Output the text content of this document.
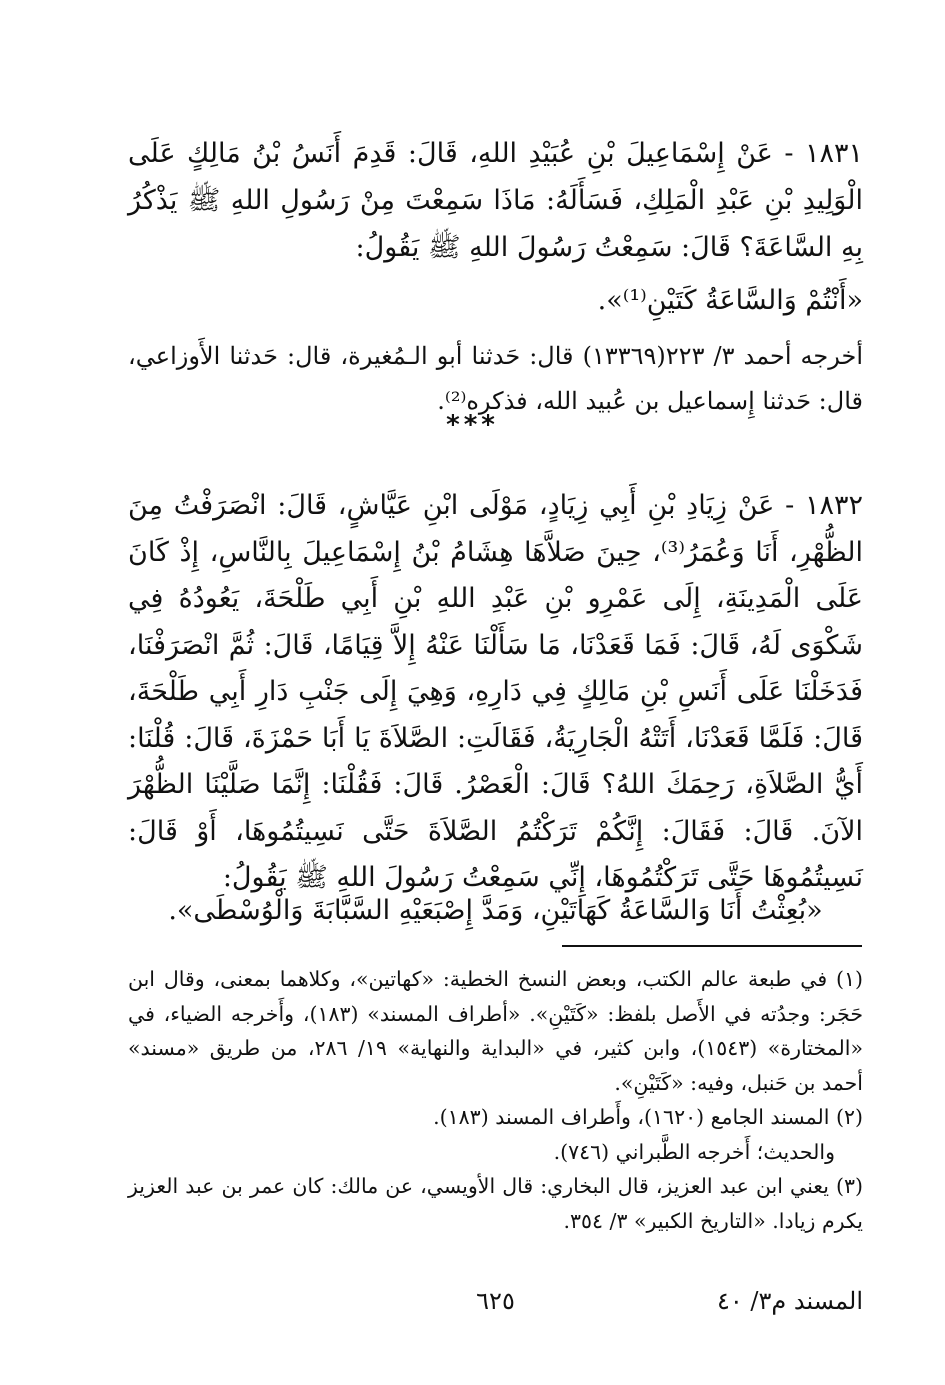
١٨٣١ - عَنْ إِسْمَاعِيلَ بْنِ عُبَيْدِ اللهِ، قَالَ: قَدِمَ أَنَسُ بْنُ مَالِكٍ عَلَى الْوَلِيدِ بْنِ عَبْدِ الْمَلِكِ، فَسَأَلَهُ: مَاذَا سَمِعْتَ مِنْ رَسُولِ اللهِ ﷺ يَذْكُرُ بِهِ السَّاعَةَ؟ قَالَ: سَمِعْتُ رَسُولَ اللهِ ﷺ يَقُولُ:

«أَنْتُمْ وَالسَّاعَةُ كَتَيْنِ⁽¹⁾».

أخرجه أحمد ٣/ ٢٢٣(١٣٣٦٩) قال: حَدثنا أبو الـمُغيرة، قال: حَدثنا الأَوزاعي، قال: حَدثنا إِسماعيل بن عُبيد الله، فذكره⁽²⁾.

***

١٨٣٢ - عَنْ زِيَادِ بْنِ أَبِي زِيَادٍ، مَوْلَى ابْنِ عَيَّاشٍ، قَالَ: انْصَرَفْتُ مِنَ الظُّهْرِ، أَنَا وَعُمَرُ⁽³⁾، حِينَ صَلاَّهَا هِشَامُ بْنُ إِسْمَاعِيلَ بِالنَّاسِ، إِذْ كَانَ عَلَى الْمَدِينَةِ، إِلَى عَمْرِو بْنِ عَبْدِ اللهِ بْنِ أَبِي طَلْحَةَ، يَعُودُهُ فِي شَكْوَى لَهُ، قَالَ: فَمَا قَعَدْنَا، مَا سَأَلْنَا عَنْهُ إِلاَّ قِيَامًا، قَالَ: ثُمَّ انْصَرَفْنَا، فَدَخَلْنَا عَلَى أَنَسِ بْنِ مَالِكٍ فِي دَارِهِ، وَهِيَ إِلَى جَنْبِ دَارِ أَبِي طَلْحَةَ، قَالَ: فَلَمَّا قَعَدْنَا، أَتَتْهُ الْجَارِيَةُ، فَقَالَتِ: الصَّلاَةَ يَا أَبَا حَمْزَةَ، قَالَ: قُلْنَا: أَيُّ الصَّلاَةِ، رَحِمَكَ اللهُ؟ قَالَ: الْعَصْرُ. قَالَ: فَقُلْنَا: إِنَّمَا صَلَّيْنَا الظُّهْرَ الآنَ. قَالَ: فَقَالَ: إِنَّكُمْ تَرَكْتُمُ الصَّلاَةَ حَتَّى نَسِيتُمُوهَا، أَوْ قَالَ: نَسِيتُمُوهَا حَتَّى تَرَكْتُمُوهَا، إِنِّي سَمِعْتُ رَسُولَ اللهِ ﷺ يَقُولُ:

«بُعِثْتُ أَنَا وَالسَّاعَةُ كَهَاتَيْنِ، وَمَدَّ إِصْبَعَيْهِ السَّبَّابَةَ وَالْوُسْطَى».

(١) في طبعة عالم الكتب، وبعض النسخ الخطية: «كهاتين»، وكلاهما بمعنى، وقال ابن حَجَر: وجدُته في الأَصل بلفظ: «كَتَيْنِ». «أطراف المسند» (١٨٣)، وأَخرجه الضياء، في «المختارة» (١٥٤٣)، وابن كثير، في «البداية والنهاية» ١٩/ ٢٨٦، من طريق «مسند» أحمد بن حَنبل، وفيه: «كَتَيْنِ».

(٢) المسند الجامع (١٦٢٠)، وأَطراف المسند (١٨٣).

والحديث؛ أَخرجه الطَّبراني (٧٤٦).

(٣) يعني ابن عبد العزيز، قال البخاري: قال الأويسي، عن مالك: كان عمر بن عبد العزيز يكرم زيادا. «التاريخ الكبير» ٣/ ٣٥٤.

المسند م٣/ ٤٠
٦٢٥
